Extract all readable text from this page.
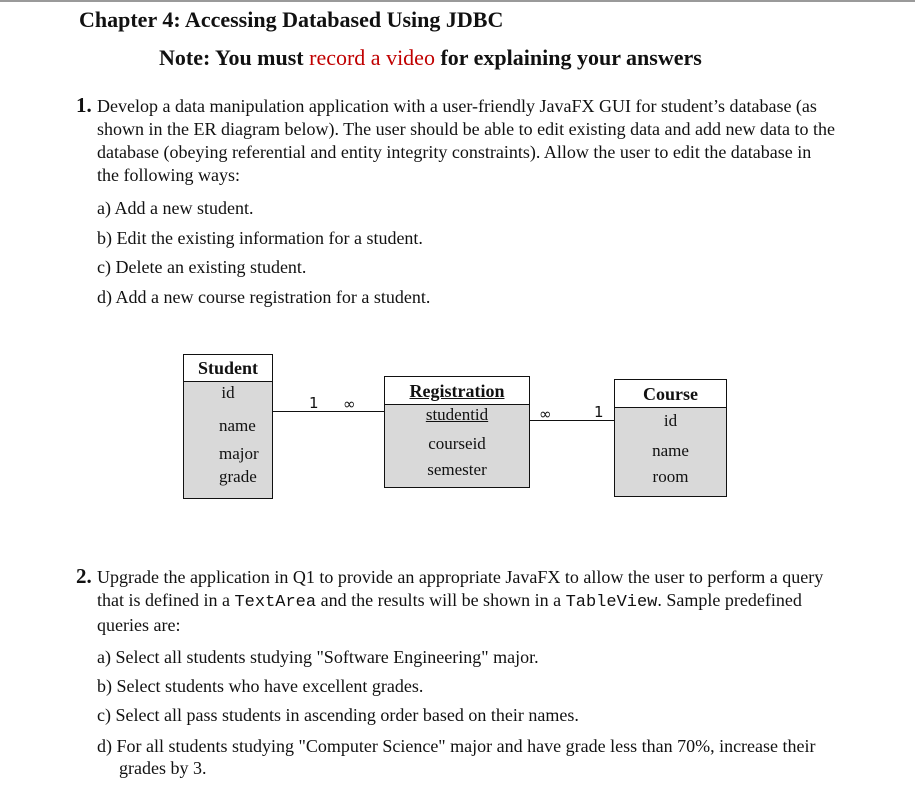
Chapter 4: Accessing Databased Using JDBC
Note: You must record a video for explaining your answers
1. Develop a data manipulation application with a user-friendly JavaFX GUI for student’s database (as shown in the ER diagram below). The user should be able to edit existing data and add new data to the database (obeying referential and entity integrity constraints). Allow the user to edit the database in the following ways:
a) Add a new student.
b) Edit the existing information for a student.
c) Delete an existing student.
d) Add a new course registration for a student.
Student
id
name
major
grade
1 ∞
Registration
studentid
courseid
semester
∞	1
Course
id
name
room
2. Upgrade the application in Q1 to provide an appropriate JavaFX to allow the user to perform a query that is defined in a TextArea and the results will be shown in a TableView. Sample predefined queries are:
a) Select all students studying "Software Engineering" major.
b) Select students who have excellent grades.
c) Select all pass students in ascending order based on their names.
d) For all students studying "Computer Science" major and have grade less than 70%, increase their grades by 3.
